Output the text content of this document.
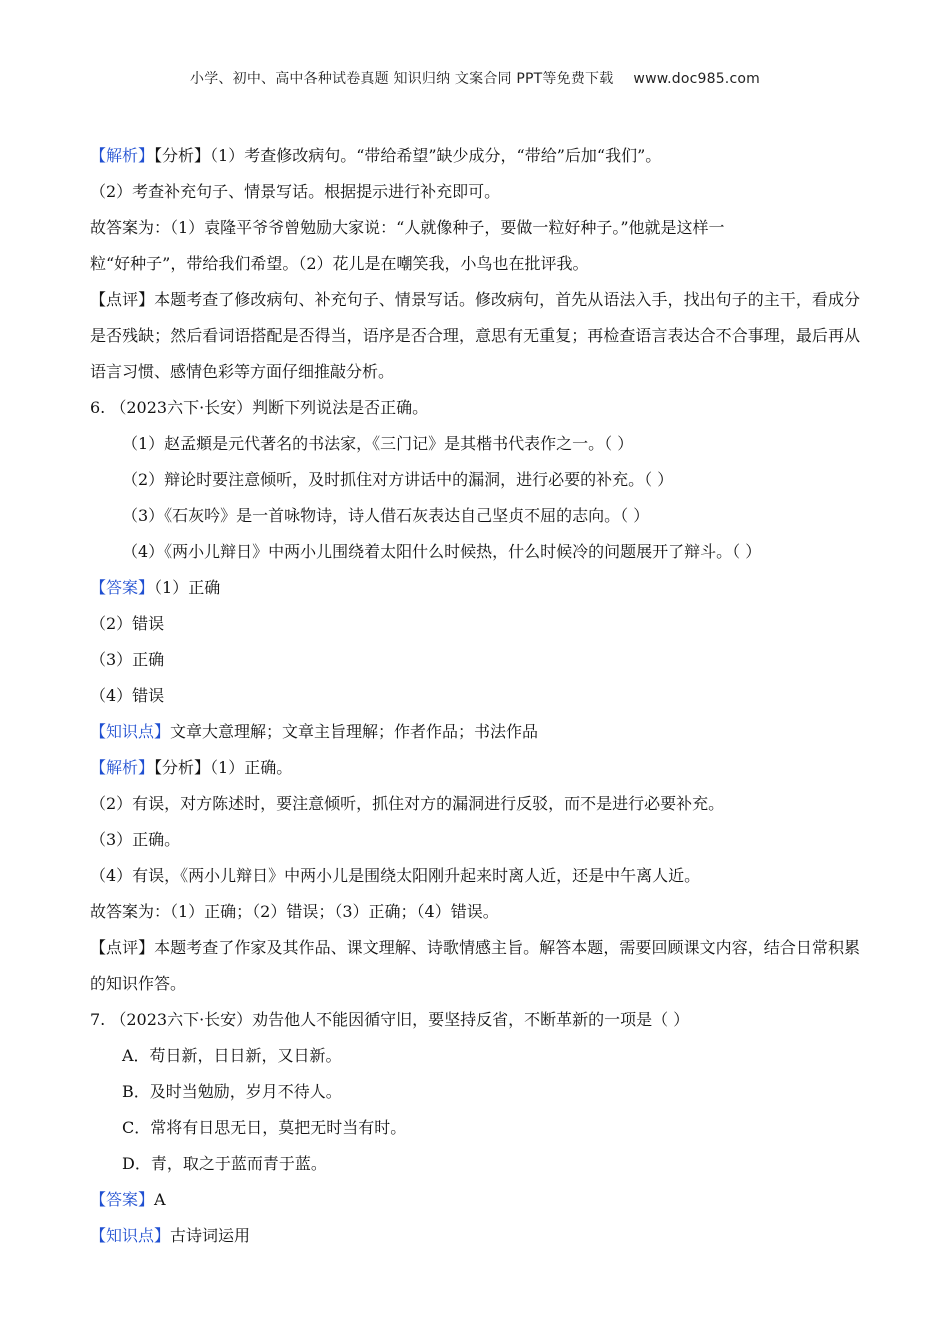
小学、初中、高中各种试卷真题 知识归纳 文案合同 PPT等免费下载 www.doc985.com
【解析】【分析】（1）考查修改病句。“带给希望”缺少成分，“带给”后加“我们”。
（2）考查补充句子、情景写话。根据提示进行补充即可。
故答案为：（1）袁隆平爷爷曾勉励大家说：“人就像种子，要做一粒好种子。”他就是这样一
粒“好种子”，带给我们希望。（2）花儿是在嘲笑我，小鸟也在批评我。
【点评】本题考查了修改病句、补充句子、情景写话。修改病句，首先从语法入手，找出句子的主干，看成分是否残缺；然后看词语搭配是否得当，语序是否合理，意思有无重复；再检查语言表达合不合事理，最后再从语言习惯、感情色彩等方面仔细推敲分析。
6. （2023六下·长安）判断下列说法是否正确。
（1）赵孟頫是元代著名的书法家，《三门记》是其楷书代表作之一。（ ）
（2）辩论时要注意倾听，及时抓住对方讲话中的漏洞，进行必要的补充。（ ）
（3）《石灰吟》是一首咏物诗，诗人借石灰表达自己坚贞不屈的志向。（ ）
（4）《两小儿辩日》中两小儿围绕着太阳什么时候热，什么时候冷的问题展开了辩斗。（ ）
【答案】（1）正确
（2）错误
（3）正确
（4）错误
【知识点】文章大意理解；文章主旨理解；作者作品；书法作品
【解析】【分析】（1）正确。
（2）有误，对方陈述时，要注意倾听，抓住对方的漏洞进行反驳，而不是进行必要补充。
（3）正确。
（4）有误，《两小儿辩日》中两小儿是围绕太阳刚升起来时离人近，还是中午离人近。
故答案为：（1）正确；（2）错误；（3）正确；（4）错误。
【点评】本题考查了作家及其作品、课文理解、诗歌情感主旨。解答本题，需要回顾课文内容，结合日常积累的知识作答。
7. （2023六下·长安）劝告他人不能因循守旧，要坚持反省，不断革新的一项是（ ）
A．苟日新，日日新，又日新。
B．及时当勉励，岁月不待人。
C．常将有日思无日，莫把无时当有时。
D．青，取之于蓝而青于蓝。
【答案】A
【知识点】古诗词运用
